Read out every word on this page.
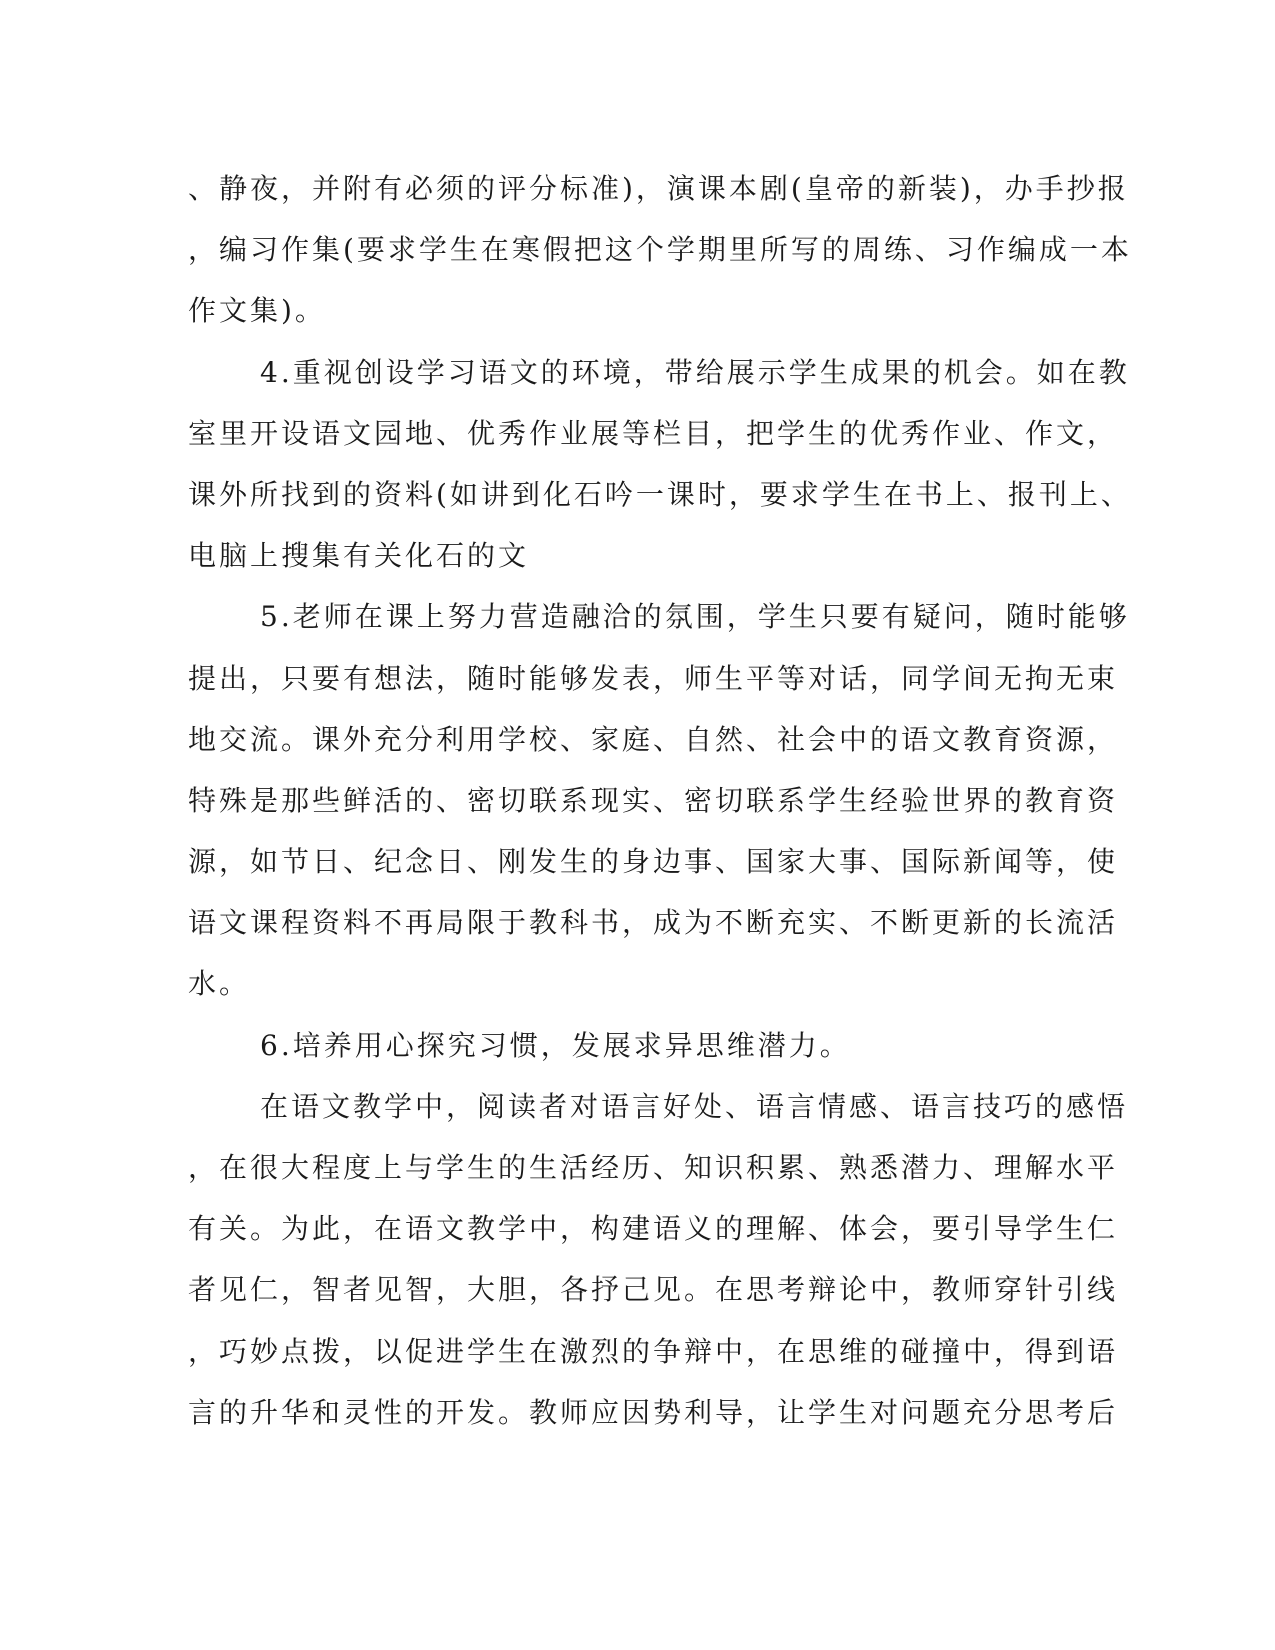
、静夜，并附有必须的评分标准)，演课本剧(皇帝的新装)，办手抄报
，编习作集(要求学生在寒假把这个学期里所写的周练、习作编成一本
作文集)。
4.重视创设学习语文的环境，带给展示学生成果的机会。如在教
室里开设语文园地、优秀作业展等栏目，把学生的优秀作业、作文，
课外所找到的资料(如讲到化石吟一课时，要求学生在书上、报刊上、
电脑上搜集有关化石的文
5.老师在课上努力营造融洽的氛围，学生只要有疑问，随时能够
提出，只要有想法，随时能够发表，师生平等对话，同学间无拘无束
地交流。课外充分利用学校、家庭、自然、社会中的语文教育资源，
特殊是那些鲜活的、密切联系现实、密切联系学生经验世界的教育资
源，如节日、纪念日、刚发生的身边事、国家大事、国际新闻等，使
语文课程资料不再局限于教科书，成为不断充实、不断更新的长流活
水。
6.培养用心探究习惯，发展求异思维潜力。
在语文教学中，阅读者对语言好处、语言情感、语言技巧的感悟
，在很大程度上与学生的生活经历、知识积累、熟悉潜力、理解水平
有关。为此，在语文教学中，构建语义的理解、体会，要引导学生仁
者见仁，智者见智，大胆，各抒己见。在思考辩论中，教师穿针引线
，巧妙点拨，以促进学生在激烈的争辩中，在思维的碰撞中，得到语
言的升华和灵性的开发。教师应因势利导，让学生对问题充分思考后
